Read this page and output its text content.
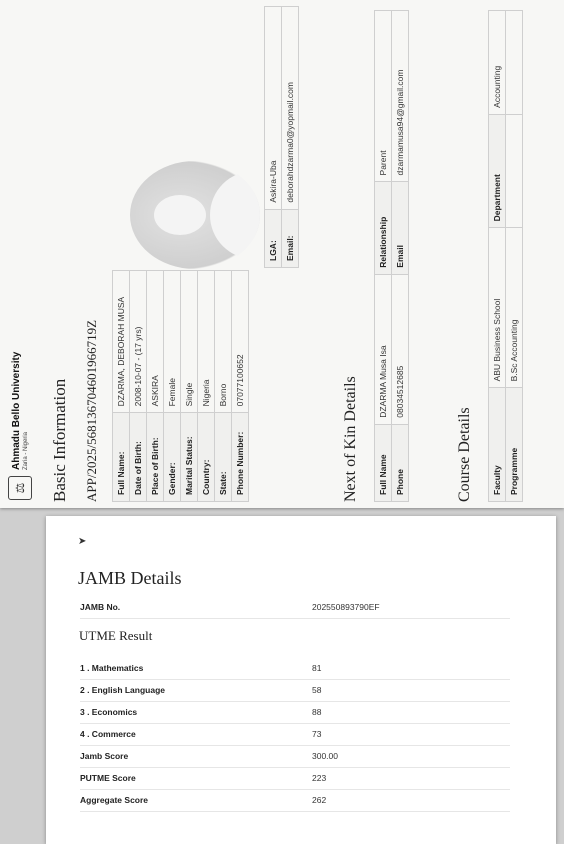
⚖
Ahmadu Bello University Zaria - Nigeria Basic Information APP/2025/568136704601966719Z Full Name:	DZARMA, DEBORAH MUSA
Date of Birth:	2008-10-07 - (17 yrs)
Place of Birth:	ASKIRA
Gender:	Female
Marital Status:	Single
Country:	Nigeria
State:	Borno
Phone Number:	07077100652
LGA:	Askira-Uba
Email:	deborahdzarma0@yopmail.com
Next of Kin Details Full Name	DZARMA Musa Isa	Relationship	Parent
Phone	08034512685	Email	dzarmamusa94@gmail.com
Course Details Faculty	ABU Business School	Department	Accounting
Programme	B.Sc Accounting		
➤
JAMB Details
JAMB No.	202550893790EF
UTME Result
1 . Mathematics	81
2 . English Language	58
3 . Economics	88
4 . Commerce	73
Jamb Score	300.00
PUTME Score	223
Aggregate Score	262
